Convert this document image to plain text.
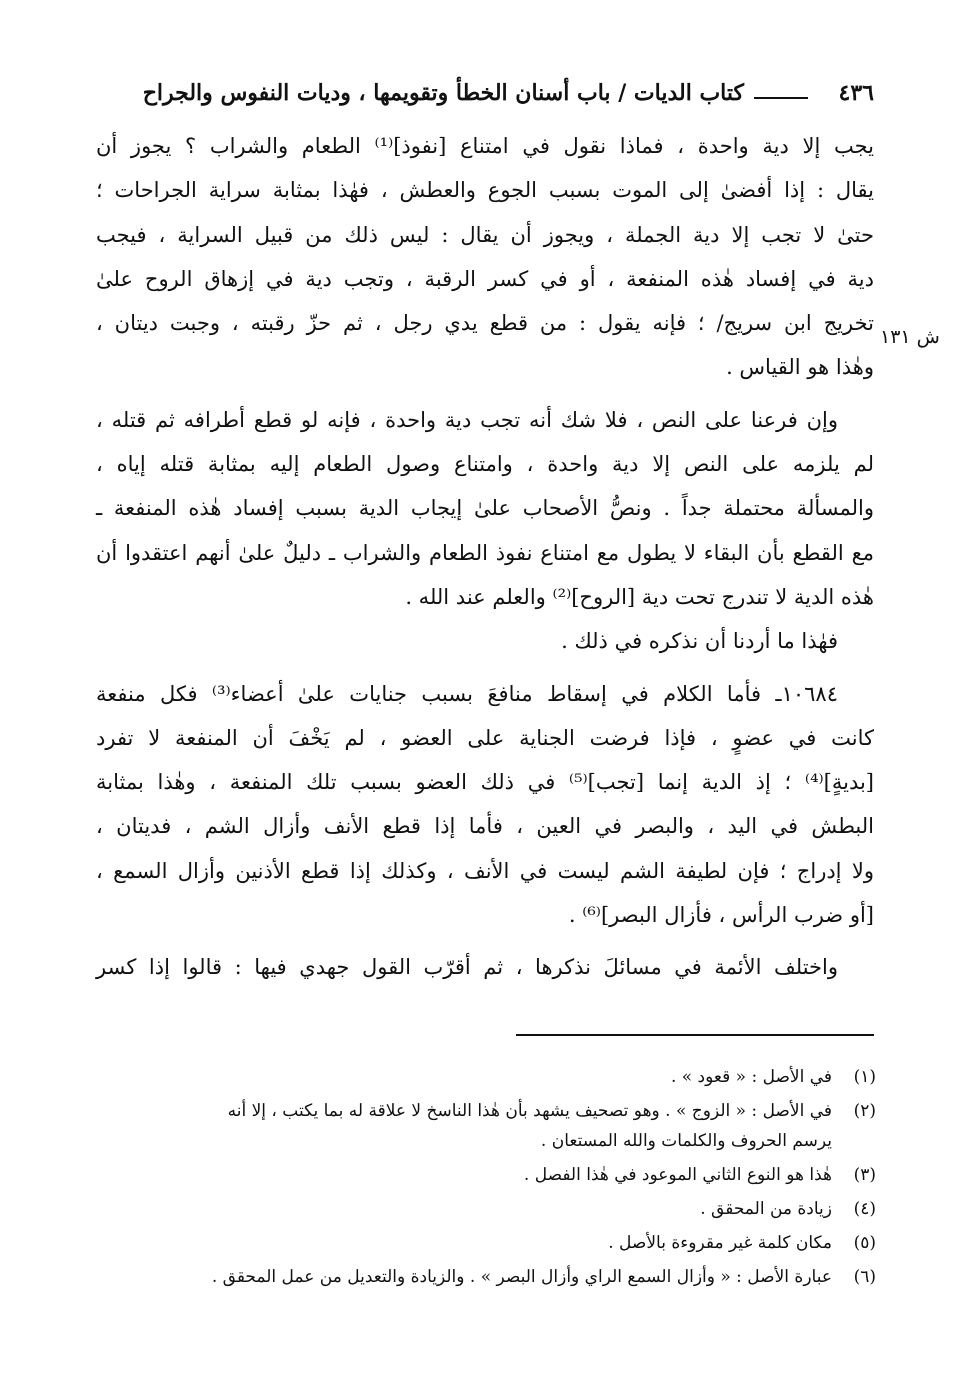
٤٣٦
كتاب الديات / باب أسنان الخطأ وتقويمها ، وديات النفوس والجراح
ش ١٣١
يجب إلا دية واحدة ، فماذا نقول في امتناع [نفوذ]⁽¹⁾ الطعام والشراب ؟ يجوز أن
يقال : إذا أفضىٰ إلى الموت بسبب الجوع والعطش ، فهٰذا بمثابة سراية الجراحات ؛
حتىٰ لا تجب إلا دية الجملة ، ويجوز أن يقال : ليس ذلك من قبيل السراية ، فيجب
دية في إفساد هٰذه المنفعة ، أو في كسر الرقبة ، وتجب دية في إزهاق الروح علىٰ
تخريج ابن سريج/ ؛ فإنه يقول : من قطع يدي رجل ، ثم حزّ رقبته ، وجبت ديتان ،
وهٰذا هو القياس .
وإن فرعنا على النص ، فلا شك أنه تجب دية واحدة ، فإنه لو قطع أطرافه ثم قتله ،
لم يلزمه على النص إلا دية واحدة ، وامتناع وصول الطعام إليه بمثابة قتله إياه ،
والمسألة محتملة جداً . ونصُّ الأصحاب علىٰ إيجاب الدية بسبب إفساد هٰذه المنفعة ـ
مع القطع بأن البقاء لا يطول مع امتناع نفوذ الطعام والشراب ـ دليلٌ علىٰ أنهم اعتقدوا أن
هٰذه الدية لا تندرج تحت دية [الروح]⁽²⁾ والعلم عند الله .
فهٰذا ما أردنا أن نذكره في ذلك .
١٠٦٨٤ـ فأما الكلام في إسقاط منافعَ بسبب جنايات علىٰ أعضاء⁽³⁾ فكل منفعة
كانت في عضوٍ ، فإذا فرضت الجناية على العضو ، لم يَخْفَ أن المنفعة لا تفرد
[بديةٍ]⁽⁴⁾ ؛ إذ الدية إنما [تجب]⁽⁵⁾ في ذلك العضو بسبب تلك المنفعة ، وهٰذا بمثابة
البطش في اليد ، والبصر في العين ، فأما إذا قطع الأنف وأزال الشم ، فديتان ،
ولا إدراج ؛ فإن لطيفة الشم ليست في الأنف ، وكذلك إذا قطع الأذنين وأزال السمع ،
[أو ضرب الرأس ، فأزال البصر]⁽⁶⁾ .
واختلف الأئمة في مسائلَ نذكرها ، ثم أقرّب القول جهدي فيها : قالوا إذا كسر
(١)
في الأصل : « قعود » .
(٢)
في الأصل : « الزوج » . وهو تصحيف يشهد بأن هٰذا الناسخ لا علاقة له بما يكتب ، إلا أنه
يرسم الحروف والكلمات والله المستعان .
(٣)
هٰذا هو النوع الثاني الموعود في هٰذا الفصل .
(٤)
زيادة من المحقق .
(٥)
مكان كلمة غير مقروءة بالأصل .
(٦)
عبارة الأصل : « وأزال السمع الراي وأزال البصر » . والزيادة والتعديل من عمل المحقق .
